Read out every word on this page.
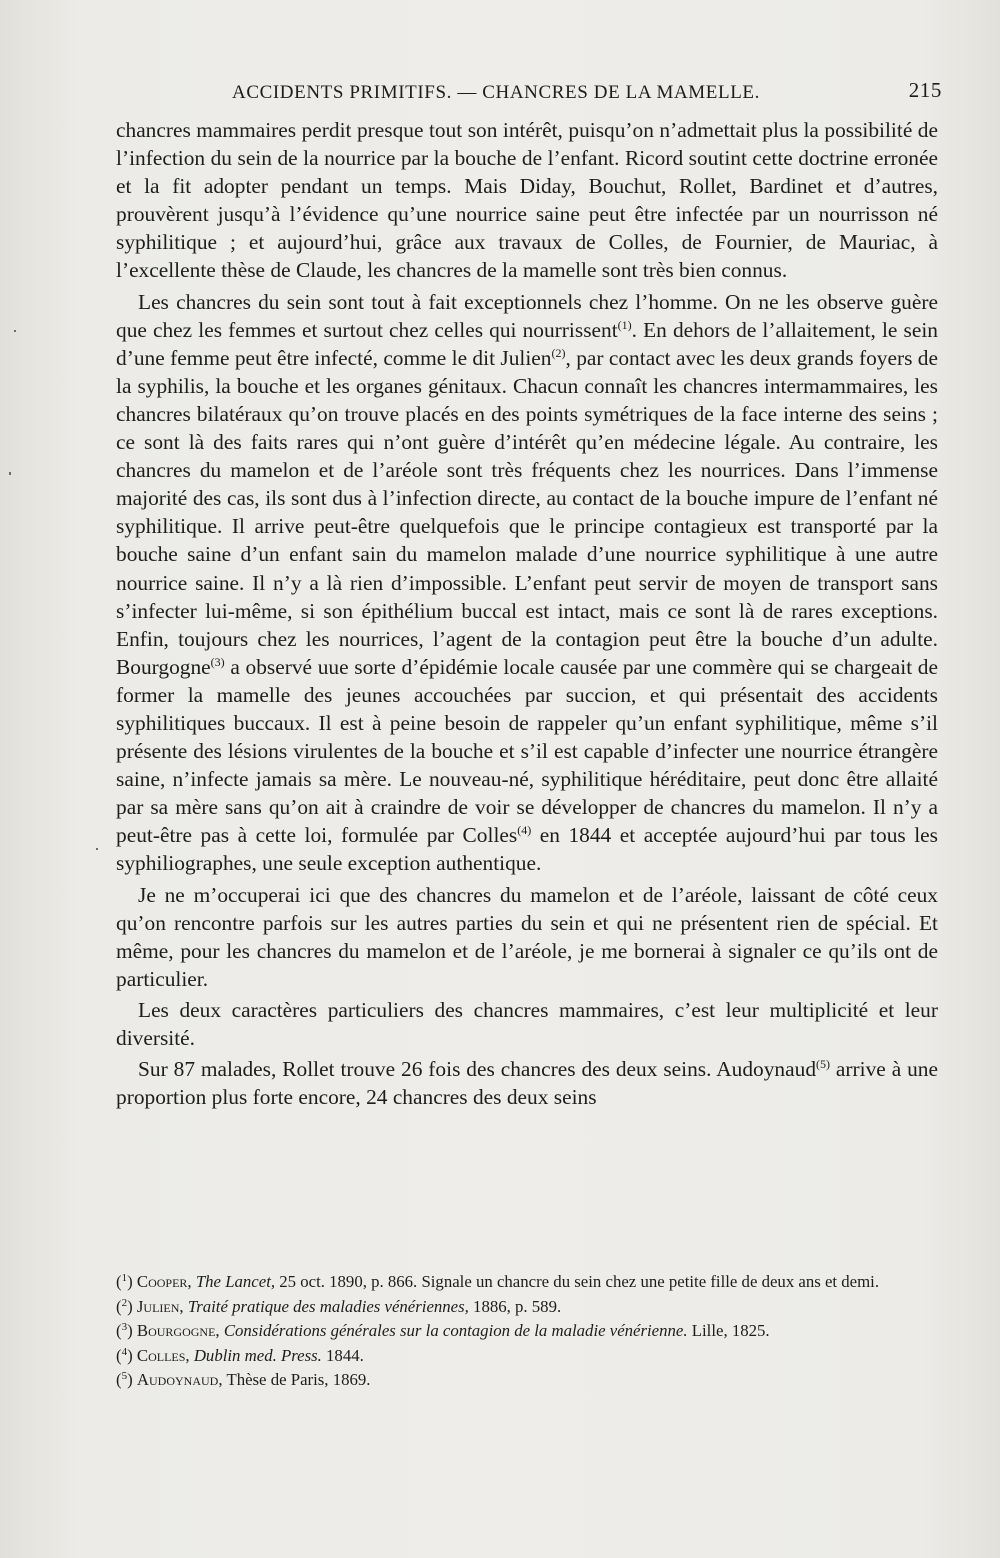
ACCIDENTS PRIMITIFS. — CHANCRES DE LA MAMELLE.	215

chancres mammaires perdit presque tout son intérêt, puisqu’on n’admettait plus la possibilité de l’infection du sein de la nourrice par la bouche de l’enfant. Ricord soutint cette doctrine erronée et la fit adopter pendant un temps. Mais Diday, Bouchut, Rollet, Bardinet et d’autres, prouvèrent jusqu’à l’évidence qu’une nourrice saine peut être infectée par un nourrisson né syphilitique ; et aujourd’hui, grâce aux travaux de Colles, de Fournier, de Mauriac, à l’excellente thèse de Claude, les chancres de la mamelle sont très bien connus.

Les chancres du sein sont tout à fait exceptionnels chez l’homme. On ne les observe guère que chez les femmes et surtout chez celles qui nourrissent$^{(1)}$. En dehors de l’allaitement, le sein d’une femme peut être infecté, comme le dit Julien$^{(2)}$, par contact avec les deux grands foyers de la syphilis, la bouche et les organes génitaux. Chacun connaît les chancres intermammaires, les chancres bilatéraux qu’on trouve placés en des points symétriques de la face interne des seins ; ce sont là des faits rares qui n’ont guère d’intérêt qu’en médecine légale. Au contraire, les chancres du mamelon et de l’aréole sont très fréquents chez les nourrices. Dans l’immense majorité des cas, ils sont dus à l’infection directe, au contact de la bouche impure de l’enfant né syphilitique. Il arrive peut-être quelquefois que le principe contagieux est transporté par la bouche saine d’un enfant sain du mamelon malade d’une nourrice syphilitique à une autre nourrice saine. Il n’y a là rien d’impossible. L’enfant peut servir de moyen de transport sans s’infecter lui-même, si son épithélium buccal est intact, mais ce sont là de rares exceptions. Enfin, toujours chez les nourrices, l’agent de la contagion peut être la bouche d’un adulte. Bourgogne$^{(3)}$ a observé uue sorte d’épidémie locale causée par une commère qui se chargeait de former la mamelle des jeunes accouchées par succion, et qui présentait des accidents syphilitiques buccaux. Il est à peine besoin de rappeler qu’un enfant syphilitique, même s’il présente des lésions virulentes de la bouche et s’il est capable d’infecter une nourrice étrangère saine, n’infecte jamais sa mère. Le nouveau-né, syphilitique héréditaire, peut donc être allaité par sa mère sans qu’on ait à craindre de voir se développer de chancres du mamelon. Il n’y a peut-être pas à cette loi, formulée par Colles$^{(4)}$ en 1844 et acceptée aujourd’hui par tous les syphiliographes, une seule exception authentique.

Je ne m’occuperai ici que des chancres du mamelon et de l’aréole, laissant de côté ceux qu’on rencontre parfois sur les autres parties du sein et qui ne présentent rien de spécial. Et même, pour les chancres du mamelon et de l’aréole, je me bornerai à signaler ce qu’ils ont de particulier.

Les deux caractères particuliers des chancres mammaires, c’est leur multiplicité et leur diversité.

Sur 87 malades, Rollet trouve 26 fois des chancres des deux seins. Audoynaud$^{(5)}$ arrive à une proportion plus forte encore, 24 chancres des deux seins

($^1$) Cooper, The Lancet, 25 oct. 1890, p. 866. Signale un chancre du sein chez une petite fille de deux ans et demi.

($^2$) Julien, Traité pratique des maladies vénériennes, 1886, p. 589.

($^3$) Bourgogne, Considérations générales sur la contagion de la maladie vénérienne. Lille, 1825.

($^4$) Colles, Dublin med. Press. 1844.

($^5$) Audoynaud, Thèse de Paris, 1869.
